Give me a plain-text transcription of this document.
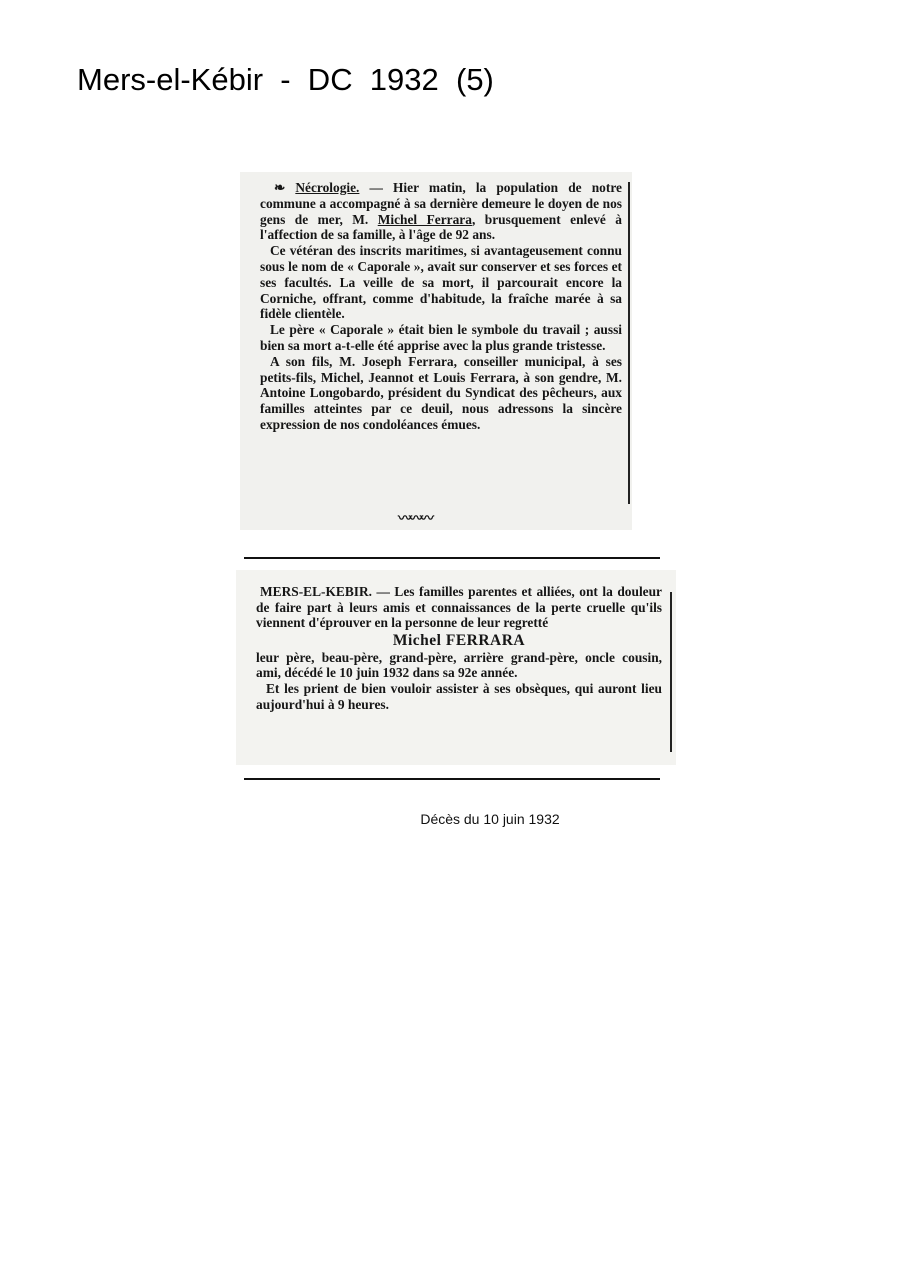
Mers-el-Kébir  -  DC  1932  (5)

❧ Nécrologie. — Hier matin, la population de notre commune a accompagné à sa dernière demeure le doyen de nos gens de mer, M. Michel Ferrara, brusquement enlevé à l'affection de sa famille, à l'âge de 92 ans.

Ce vétéran des inscrits maritimes, si avantageusement connu sous le nom de « Caporale », avait sur conserver et ses forces et ses facultés. La veille de sa mort, il parcourait encore la Corniche, offrant, comme d'habitude, la fraîche marée à sa fidèle clientèle.

Le père « Caporale » était bien le symbole du travail ; aussi bien sa mort a-t-elle été apprise avec la plus grande tristesse.

A son fils, M. Joseph Ferrara, conseiller municipal, à ses petits-fils, Michel, Jeannot et Louis Ferrara, à son gendre, M. Antoine Longobardo, président du Syndicat des pêcheurs, aux familles atteintes par ce deuil, nous adressons la sincère expression de nos condoléances émues.

〰〰〰

MERS-EL-KEBIR. — Les familles parentes et alliées, ont la douleur de faire part à leurs amis et connaissances de la perte cruelle qu'ils viennent d'éprouver en la personne de leur regretté

Michel FERRARA

leur père, beau-père, grand-père, arrière grand-père, oncle cousin, ami, décédé le 10 juin 1932 dans sa 92e année.

Et les prient de bien vouloir assister à ses obsèques, qui auront lieu aujourd'hui à 9 heures.

Décès du 10 juin 1932
